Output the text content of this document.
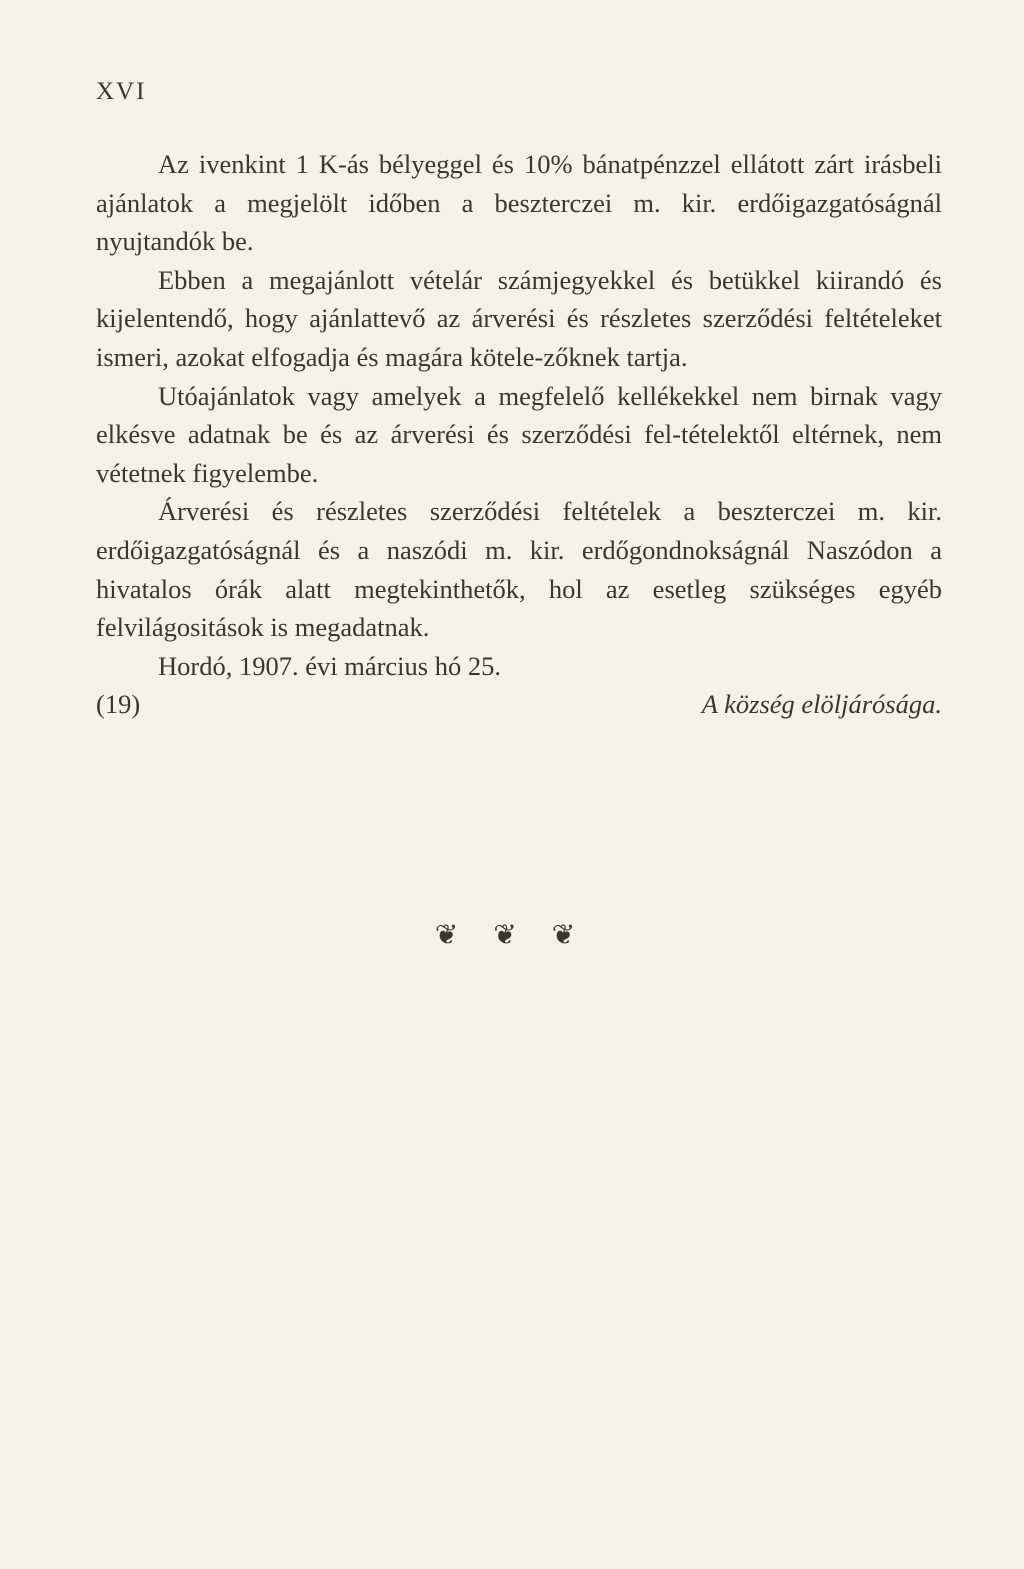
XVI

Az ivenkint 1 K-ás bélyeggel és 10% bánatpénzzel ellátott zárt irásbeli ajánlatok a megjelölt időben a beszterczei m. kir. erdőigazgatóságnál nyujtandók be.

Ebben a megajánlott vételár számjegyekkel és betükkel kiirandó és kijelentendő, hogy ajánlattevő az árverési és részletes szerződési feltételeket ismeri, azokat elfogadja és magára kötele-zőknek tartja.

Utóajánlatok vagy amelyek a megfelelő kellékekkel nem birnak vagy elkésve adatnak be és az árverési és szerződési fel-tételektől eltérnek, nem vétetnek figyelembe.

Árverési és részletes szerződési feltételek a beszterczei m. kir. erdőigazgatóságnál és a naszódi m. kir. erdőgondnokságnál Naszódon a hivatalos órák alatt megtekinthetők, hol az esetleg szükséges egyéb felvilágositások is megadatnak.

Hordó, 1907. évi március hó 25.

(19)	A község elöljárósága.
❦ ❦ ❦
